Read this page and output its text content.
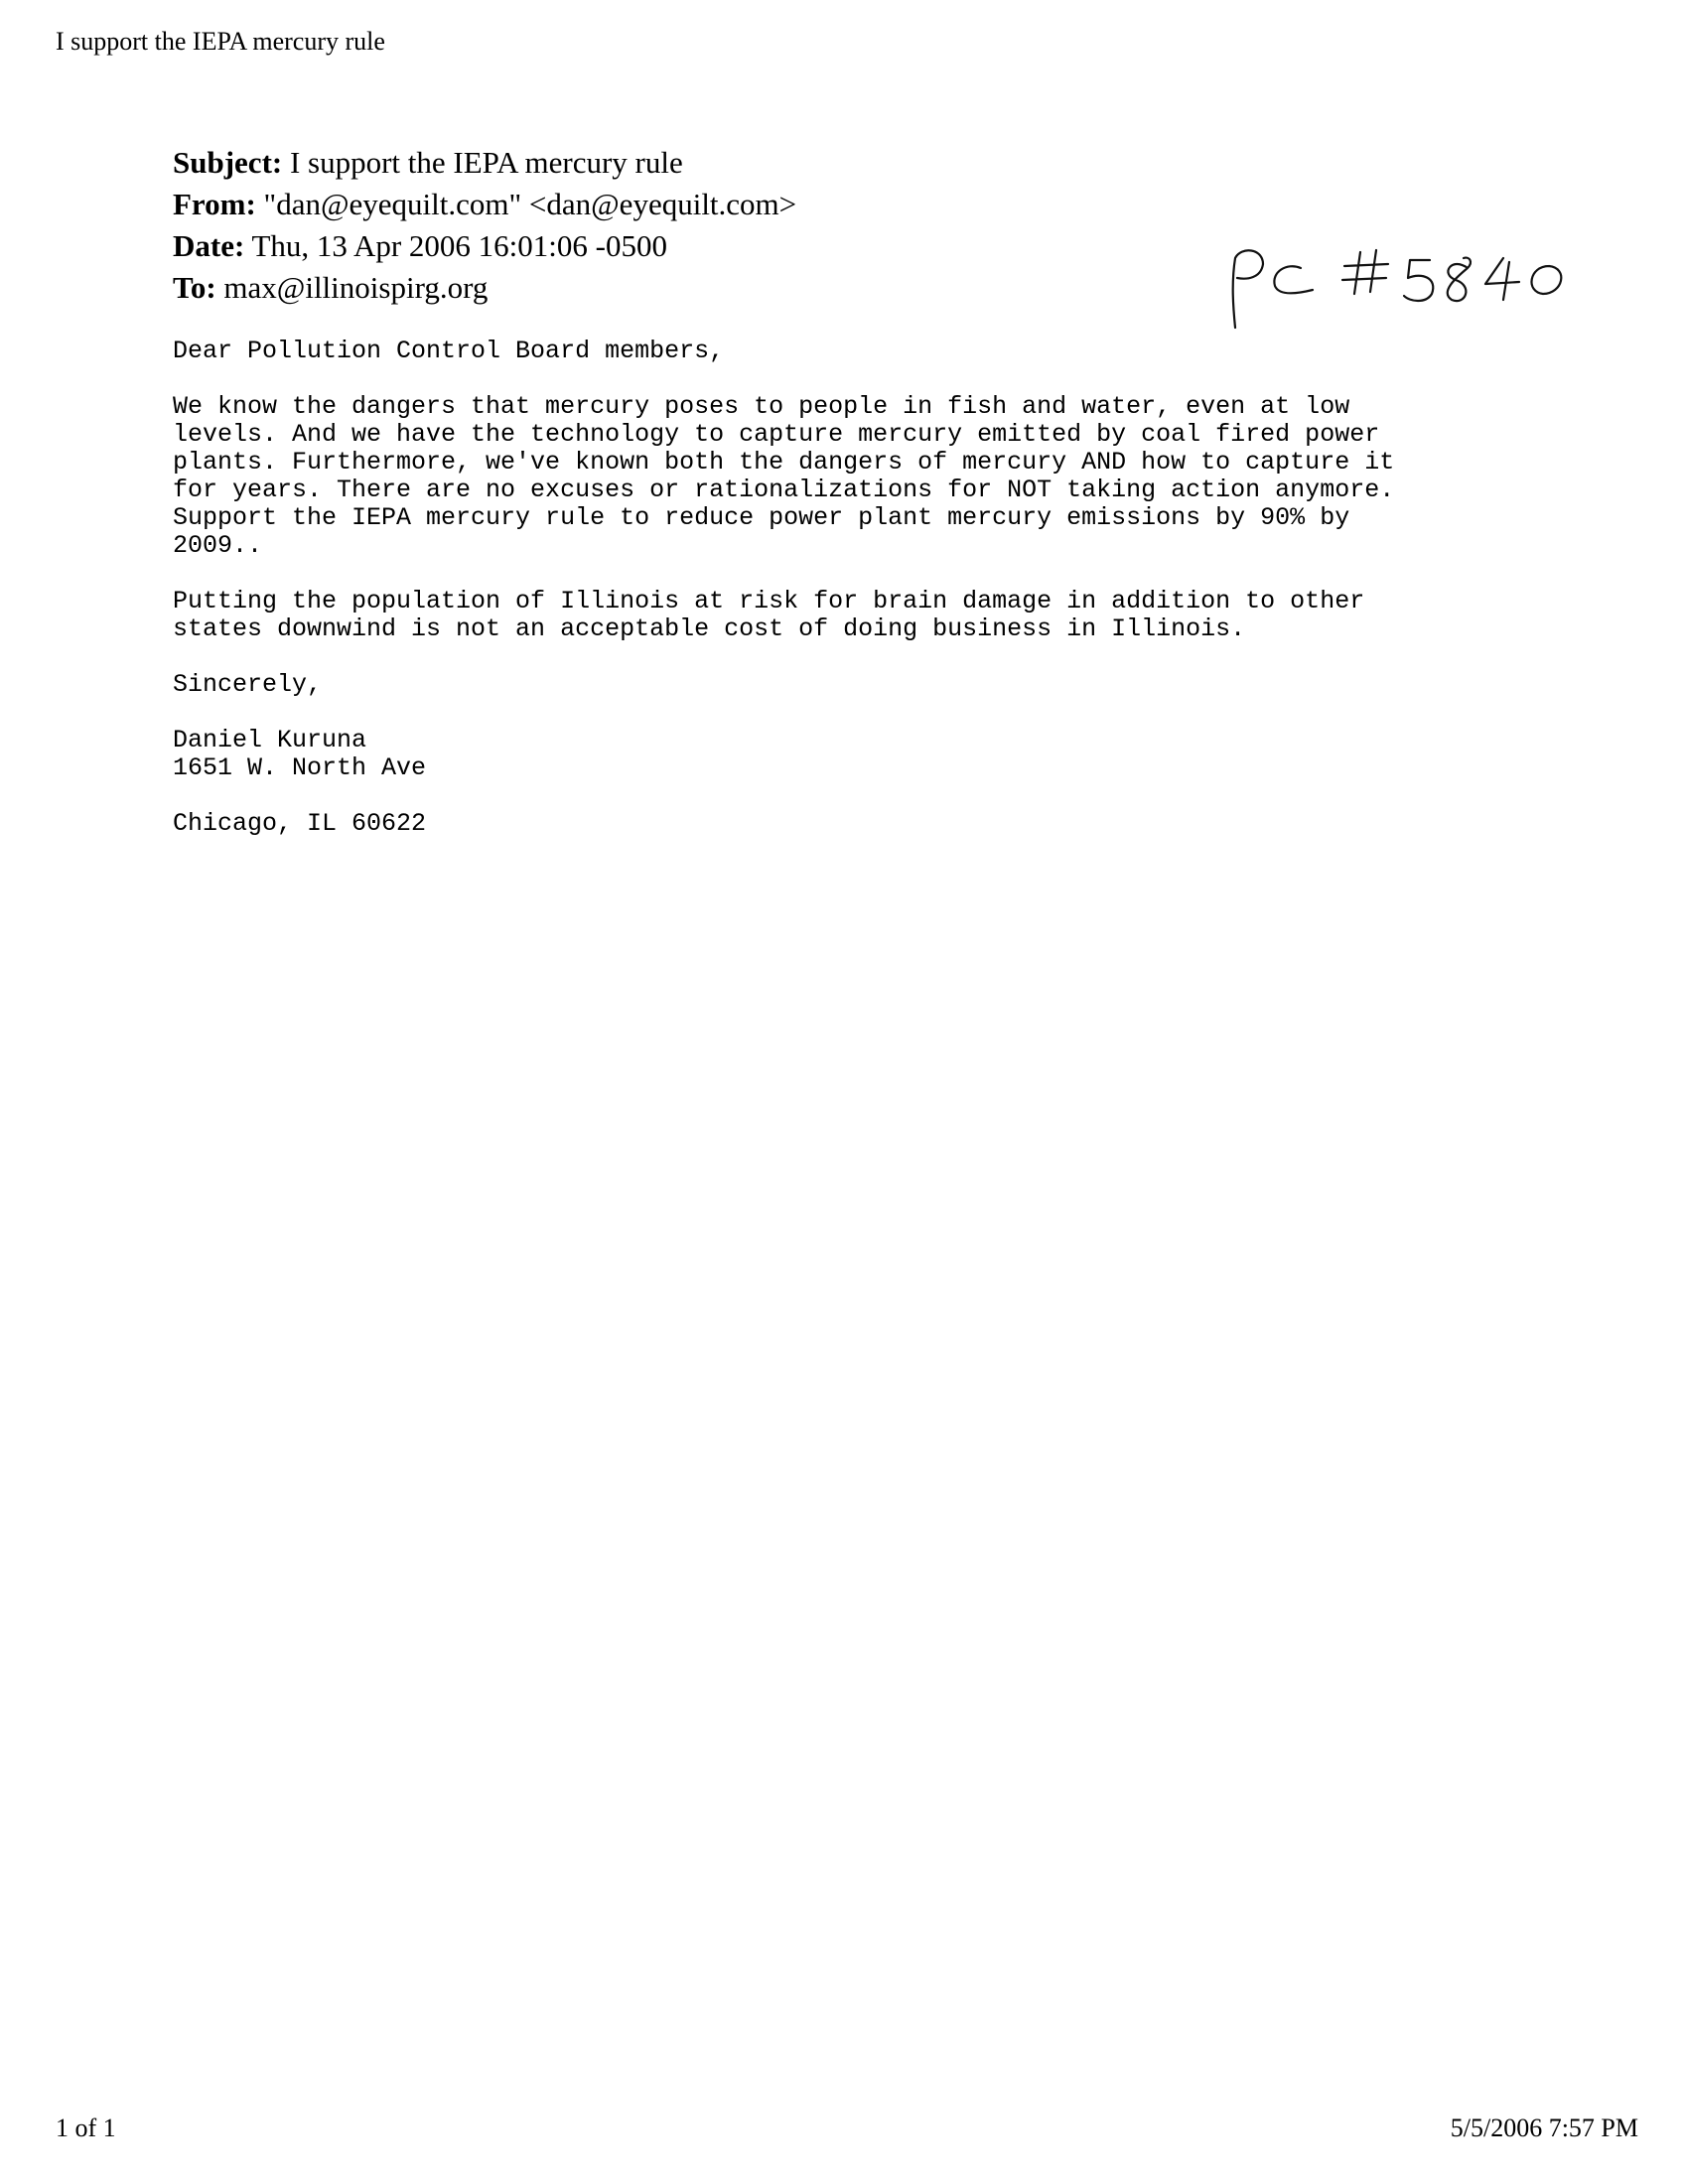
I support the IEPA mercury rule
Subject: I support the IEPA mercury rule
From: "dan@eyequilt.com" <dan@eyequilt.com>
Date: Thu, 13 Apr 2006 16:01:06 -0500
To: max@illinoispirg.org

Dear Pollution Control Board members,

We know the dangers that mercury poses to people in fish and water, even at low
levels. And we have the technology to capture mercury emitted by coal fired power
plants. Furthermore, we've known both the dangers of mercury AND how to capture it
for years. There are no excuses or rationalizations for NOT taking action anymore.
Support the IEPA mercury rule to reduce power plant mercury emissions by 90% by
2009..

Putting the population of Illinois at risk for brain damage in addition to other
states downwind is not an acceptable cost of doing business in Illinois.

Sincerely,

Daniel Kuruna

1651 W. North Ave

Chicago, IL 60622

1 of 1	5/5/2006 7:57 PM
